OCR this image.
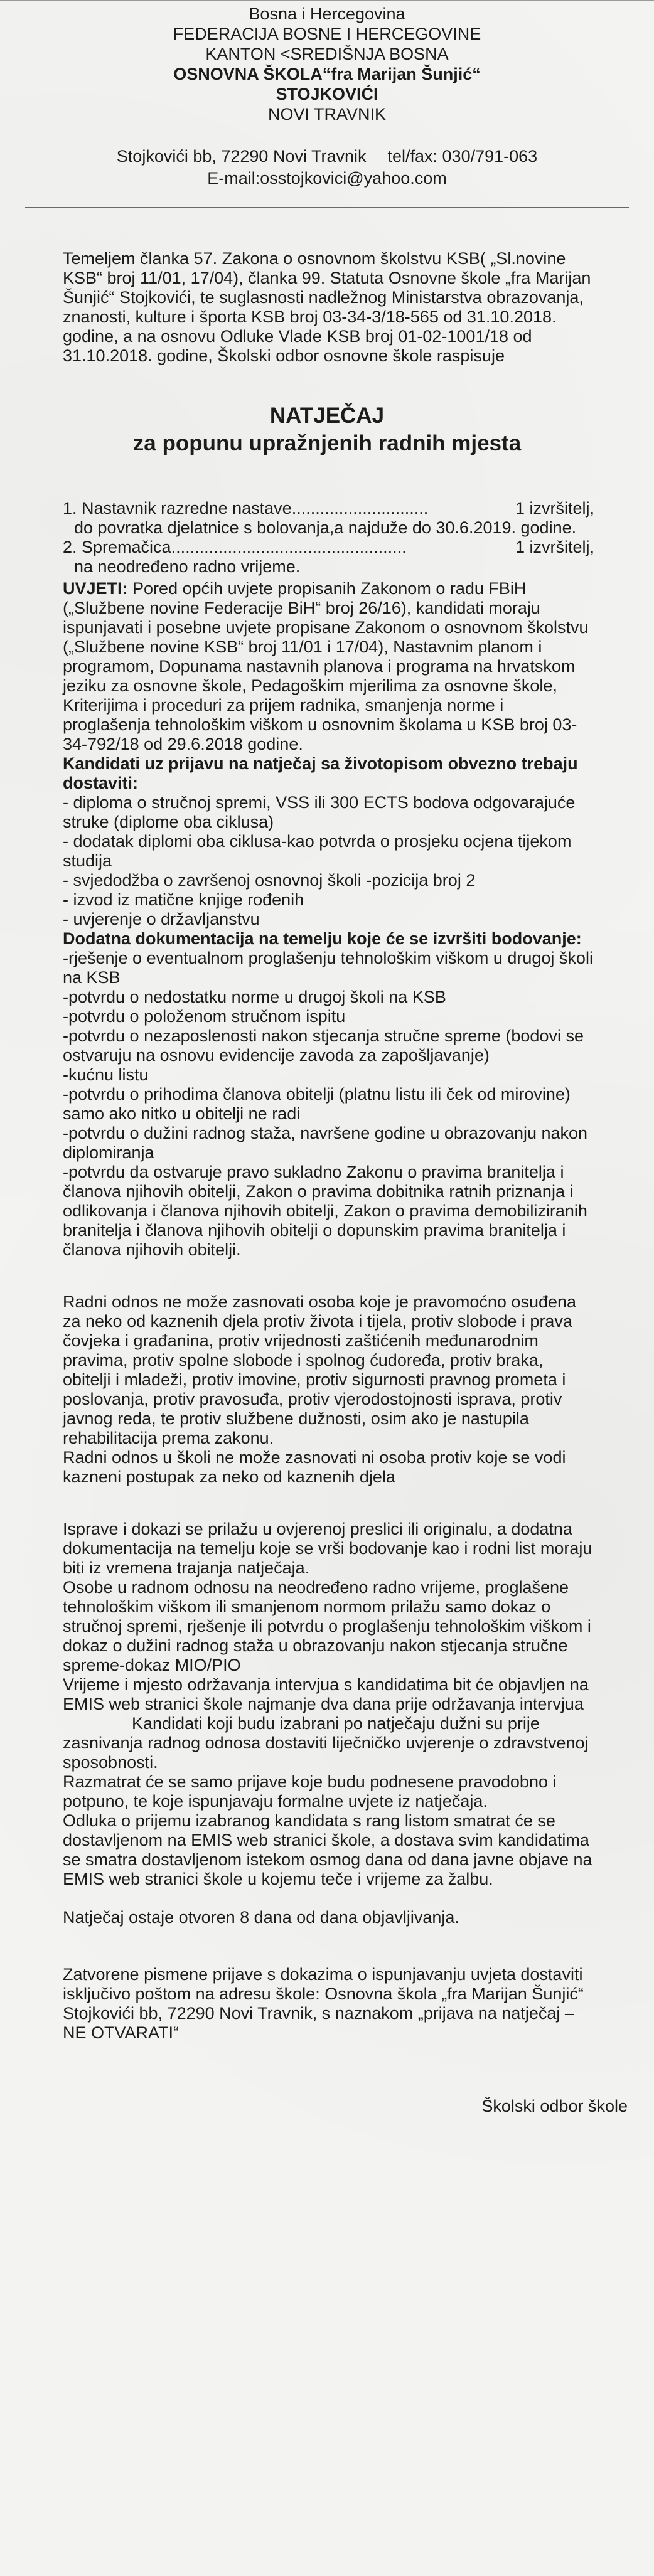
Bosna i Hercegovina
FEDERACIJA BOSNE I HERCEGOVINE
KANTON <SREDIŠNJA BOSNA
OSNOVNA ŠKOLA“fra Marijan Šunjić“
STOJKOVIĆI
NOVI TRAVNIK
Stojkovići bb, 72290 Novi Travnik tel/fax: 030/791-063
E-mail:osstojkovici@yahoo.com

Temeljem članka 57. Zakona o osnovnom školstvu KSB( „Sl.novine KSB“ broj 11/01, 17/04), članka 99. Statuta Osnovne škole „fra Marijan Šunjić“ Stojkovići, te suglasnosti nadležnog Ministarstva obrazovanja, znanosti, kulture i športa KSB broj 03-34-3/18-565 od 31.10.2018. godine, a na osnovu Odluke Vlade KSB broj 01-02-1001/18 od 31.10.2018. godine, Školski odbor osnovne škole raspisuje

NATJEČAJ
za popunu upražnjenih radnih mjesta
1. Nastavnik razredne nastave.............................	1 izvršitelj,
do povratka djelatnice s bolovanja,a najduže do 30.6.2019. godine.
2. Spremačica..................................................	1 izvršitelj,
na neodređeno radno vrijeme.

UVJETI: Pored općih uvjete propisanih Zakonom o radu FBiH („Službene novine Federacije BiH“ broj 26/16), kandidati moraju ispunjavati i posebne uvjete propisane Zakonom o osnovnom školstvu („Službene novine KSB“ broj 11/01 i 17/04), Nastavnim planom i programom, Dopunama nastavnih planova i programa na hrvatskom jeziku za osnovne škole, Pedagoškim mjerilima za osnovne škole, Kriterijima i proceduri za prijem radnika, smanjenja norme i proglašenja tehnološkim viškom u osnovnim školama u KSB broj 03-34-792/18 od 29.6.2018 godine.

Kandidati uz prijavu na natječaj sa životopisom obvezno trebaju dostaviti:
- diploma o stručnoj spremi, VSS ili 300 ECTS bodova odgovarajuće struke (diplome oba ciklusa)
- dodatak diplomi oba ciklusa-kao potvrda o prosjeku ocjena tijekom studija
- svjedodžba o završenoj osnovnoj školi -pozicija broj 2
- izvod iz matične knjige rođenih
- uvjerenje o državljanstvu
Dodatna dokumentacija na temelju koje će se izvršiti bodovanje:
-rješenje o eventualnom proglašenju tehnološkim viškom u drugoj školi na KSB
-potvrdu o nedostatku norme u drugoj školi na KSB
-potvrdu o položenom stručnom ispitu
-potvrdu o nezaposlenosti nakon stjecanja stručne spreme (bodovi se ostvaruju na osnovu evidencije zavoda za zapošljavanje)
-kućnu listu
-potvrdu o prihodima članova obitelji (platnu listu ili ček od mirovine) samo ako nitko u obitelji ne radi
-potvrdu o dužini radnog staža, navršene godine u obrazovanju nakon diplomiranja
-potvrdu da ostvaruje pravo sukladno Zakonu o pravima branitelja i članova njihovih obitelji, Zakon o pravima dobitnika ratnih priznanja i odlikovanja i članova njihovih obitelji, Zakon o pravima demobiliziranih branitelja i članova njihovih obitelji o dopunskim pravima branitelja i članova njihovih obitelji.

Radni odnos ne može zasnovati osoba koje je pravomoćno osuđena za neko od kaznenih djela protiv života i tijela, protiv slobode i prava čovjeka i građanina, protiv vrijednosti zaštićenih međunarodnim pravima, protiv spolne slobode i spolnog ćudoređa, protiv braka, obitelji i mladeži, protiv imovine, protiv sigurnosti pravnog prometa i poslovanja, protiv pravosuđa, protiv vjerodostojnosti isprava, protiv javnog reda, te protiv službene dužnosti, osim ako je nastupila rehabilitacija prema zakonu.

Radni odnos u školi ne može zasnovati ni osoba protiv koje se vodi kazneni postupak za neko od kaznenih djela

Isprave i dokazi se prilažu u ovjerenoj preslici ili originalu, a dodatna dokumentacija na temelju koje se vrši bodovanje kao i rodni list moraju biti iz vremena trajanja natječaja.

Osobe u radnom odnosu na neodređeno radno vrijeme, proglašene tehnološkim viškom ili smanjenom normom prilažu samo dokaz o stručnoj spremi, rješenje ili potvrdu o proglašenju tehnološkim viškom i dokaz o dužini radnog staža u obrazovanju nakon stjecanja stručne spreme-dokaz MIO/PIO

Vrijeme i mjesto održavanja intervjua s kandidatima bit će objavljen na EMIS web stranici škole najmanje dva dana prije održavanja intervjua

Kandidati koji budu izabrani po natječaju dužni su prije zasnivanja radnog odnosa dostaviti liječničko uvjerenje o zdravstvenoj sposobnosti.

Razmatrat će se samo prijave koje budu podnesene pravodobno i potpuno, te koje ispunjavaju formalne uvjete iz natječaja.

Odluka o prijemu izabranog kandidata s rang listom smatrat će se dostavljenom na EMIS web stranici škole, a dostava svim kandidatima se smatra dostavljenom istekom osmog dana od dana javne objave na EMIS web stranici škole u kojemu teče i vrijeme za žalbu.

Natječaj ostaje otvoren 8 dana od dana objavljivanja.

Zatvorene pismene prijave s dokazima o ispunjavanju uvjeta dostaviti isključivo poštom na adresu škole: Osnovna škola „fra Marijan Šunjić“ Stojkovići bb, 72290 Novi Travnik, s naznakom „prijava na natječaj – NE OTVARATI“

Školski odbor škole
